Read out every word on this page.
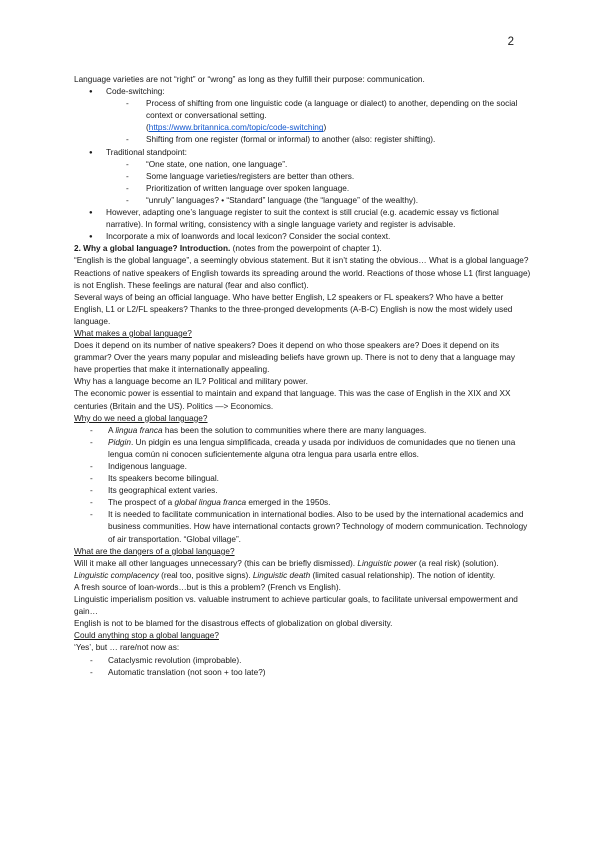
2

Language varieties are not “right” or “wrong” as long as they fulfill their purpose: communication.

● Code-switching:

- Process of shifting from one linguistic code (a language or dialect) to another, depending on the social context or conversational setting.
(https://www.britannica.com/topic/code-switching)

- Shifting from one register (formal or informal) to another (also: register shifting).

● Traditional standpoint:

- “One state, one nation, one language”.

- Some language varieties/registers are better than others.

- Prioritization of written language over spoken language.

- “unruly” languages? • “Standard” language (the “language” of the wealthy).

● However, adapting one’s language register to suit the context is still crucial (e.g. academic essay vs fictional narrative). In formal writing, consistency with a single language variety and register is advisable.

● Incorporate a mix of loanwords and local lexicon? Consider the social context.

2. Why a global language? Introduction. (notes from the powerpoint of chapter 1).

“English is the global language”, a seemingly obvious statement. But it isn’t stating the obvious… What is a global language?

Reactions of native speakers of English towards its spreading around the world. Reactions of those whose L1 (first language) is not English. These feelings are natural (fear and also conflict).

Several ways of being an official language. Who have better English, L2 speakers or FL speakers? Who have a better English, L1 or L2/FL speakers? Thanks to the three-pronged developments (A-B-C) English is now the most widely used language.

What makes a global language?

Does it depend on its number of native speakers? Does it depend on who those speakers are? Does it depend on its grammar? Over the years many popular and misleading beliefs have grown up. There is not to deny that a language may have properties that make it internationally appealing.

Why has a language become an IL? Political and military power.

The economic power is essential to maintain and expand that language. This was the case of English in the XIX and XX centuries (Britain and the US). Politics —> Economics.

Why do we need a global language?

- A lingua franca has been the solution to communities where there are many languages.

- Pidgin. Un pidgin es una lengua simplificada, creada y usada por individuos de comunidades que no tienen una lengua común ni conocen suficientemente alguna otra lengua para usarla entre ellos.

- Indigenous language.

- Its speakers become bilingual.

- Its geographical extent varies.

- The prospect of a global lingua franca emerged in the 1950s.

- It is needed to facilitate communication in international bodies. Also to be used by the international academics and business communities. How have international contacts grown? Technology of modern communication. Technology of air transportation. “Global village”.

What are the dangers of a global language?

Will it make all other languages unnecessary? (this can be briefly dismissed). Linguistic power (a real risk) (solution). Linguistic complacency (real too, positive signs). Linguistic death (limited casual relationship). The notion of identity.

A fresh source of loan-words…but is this a problem? (French vs English).

Linguistic imperialism position vs. valuable instrument to achieve particular goals, to facilitate universal empowerment and gain…

English is not to be blamed for the disastrous effects of globalization on global diversity.

Could anything stop a global language?

‘Yes’, but … rare/not now as:

- Cataclysmic revolution (improbable).

- Automatic translation (not soon + too late?)
